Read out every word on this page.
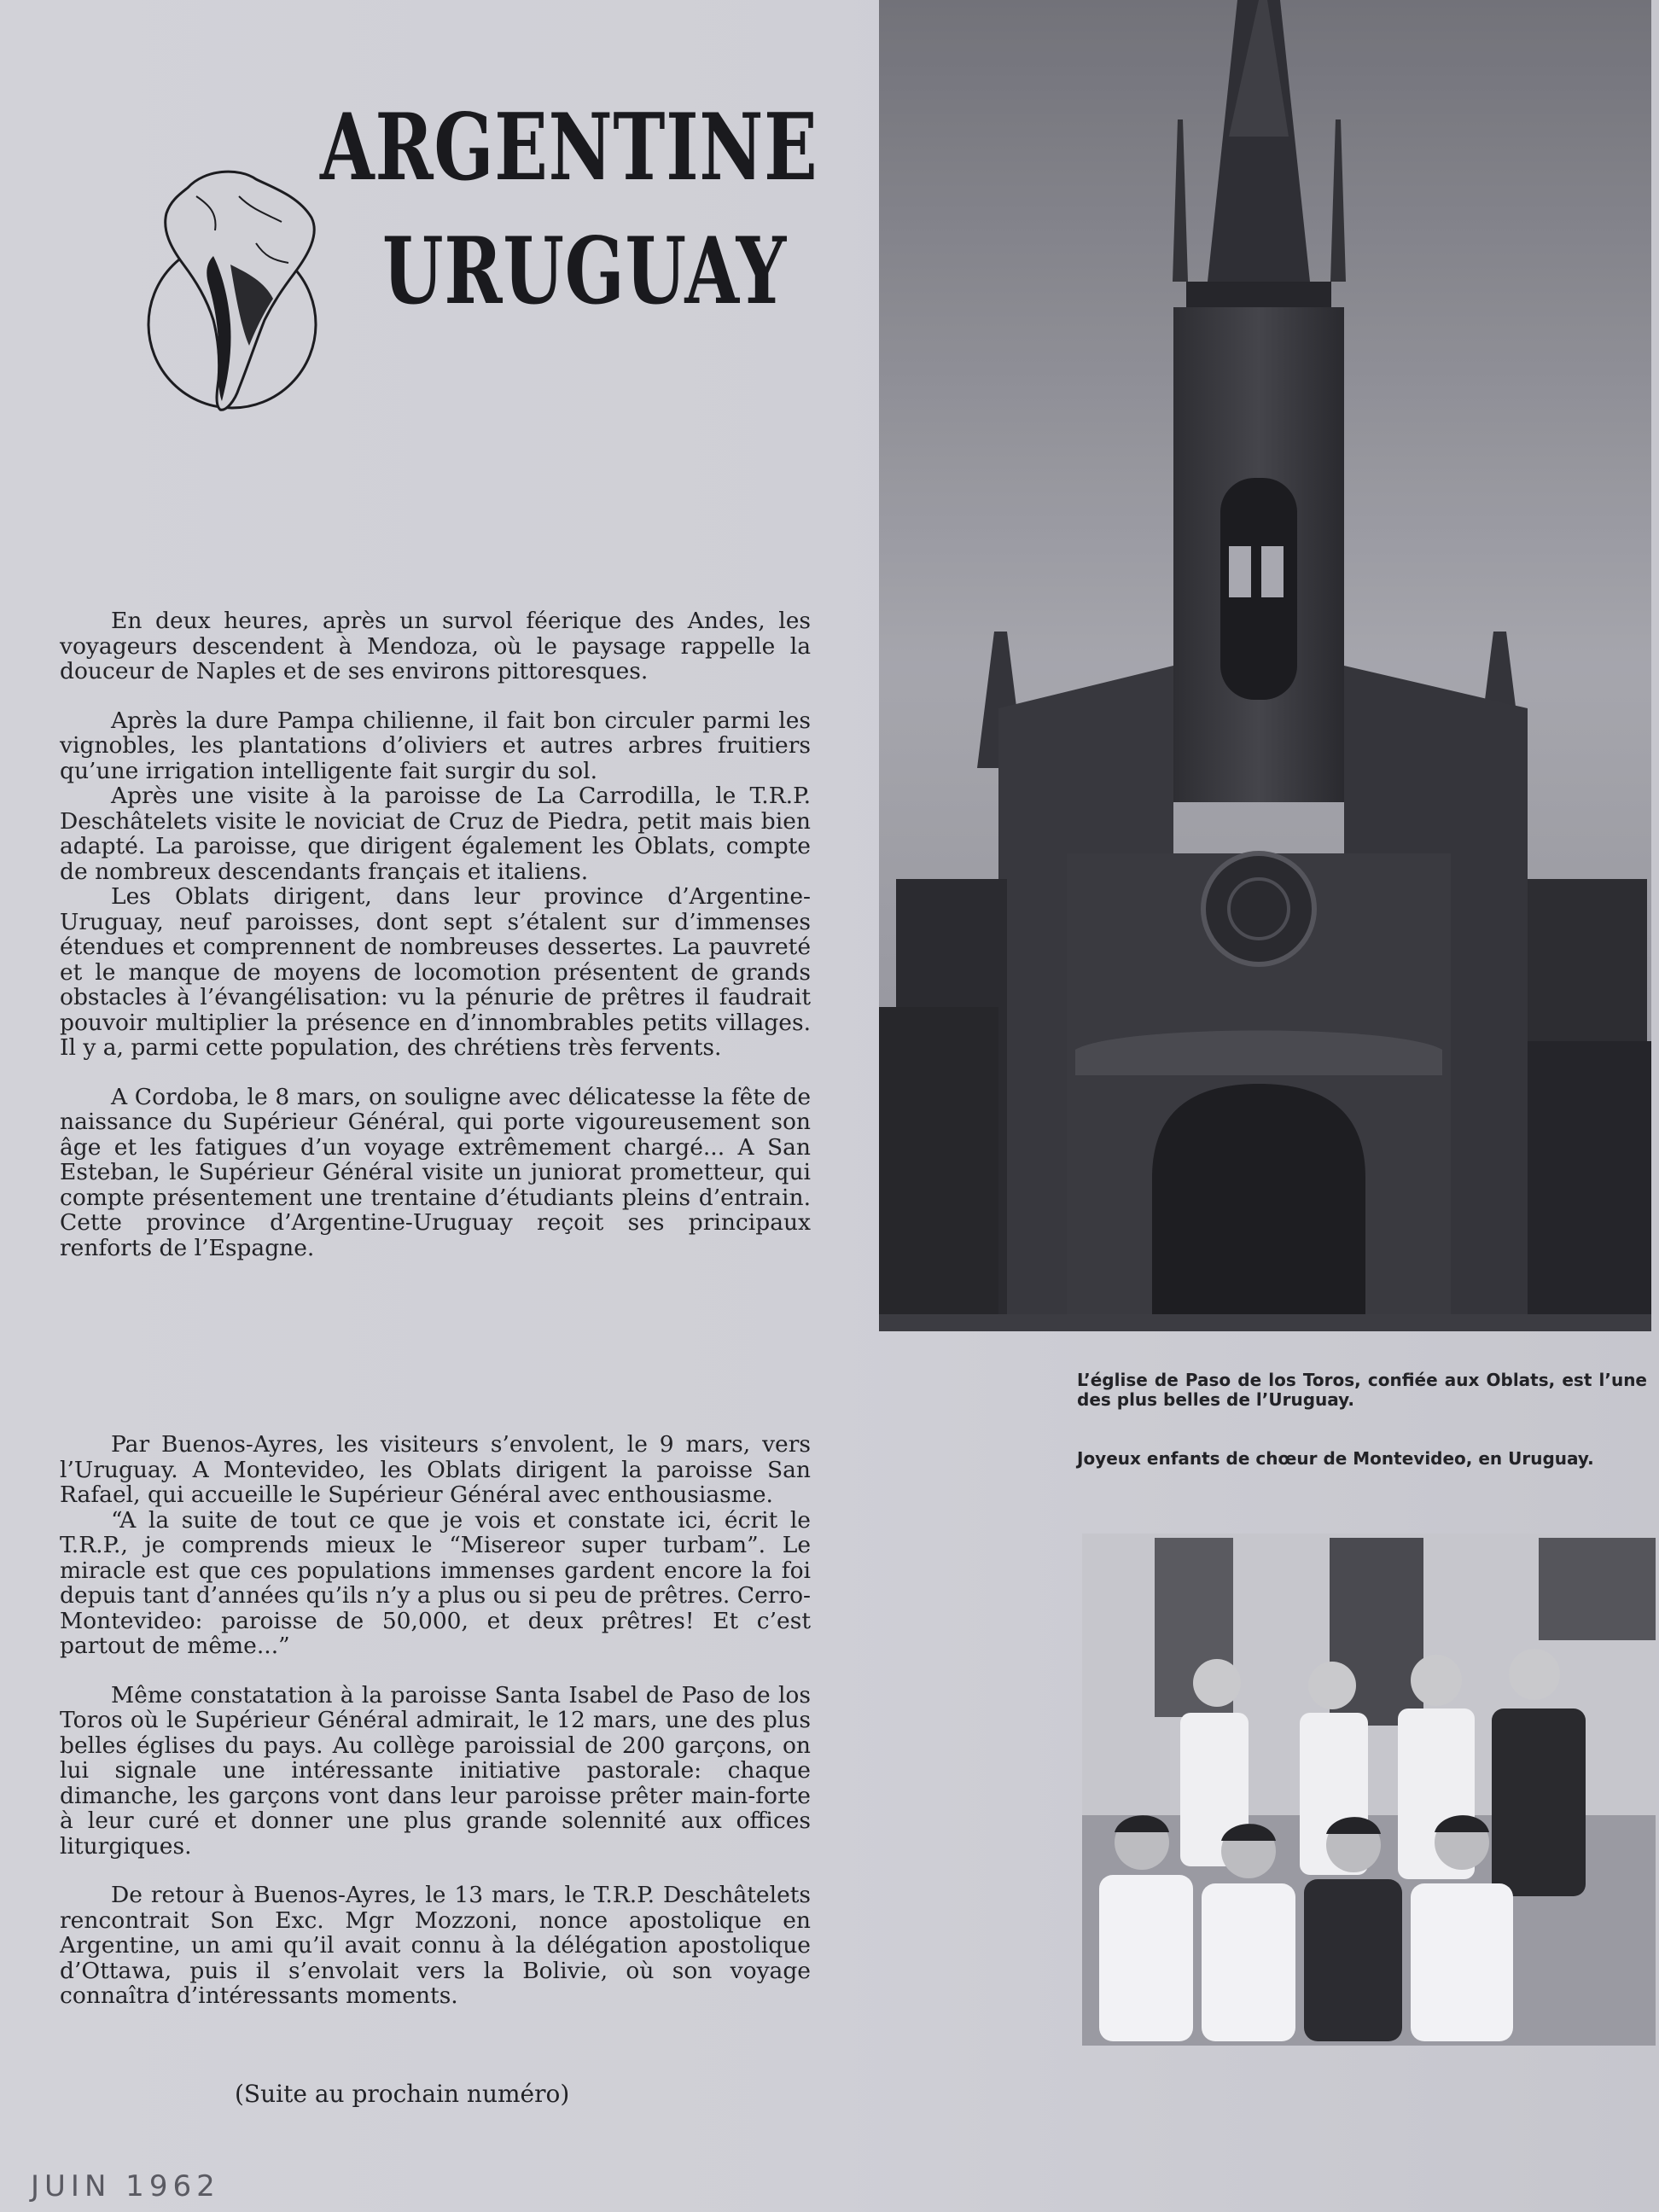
ARGENTINE
URUGUAY

En deux heures, après un survol féerique des Andes, les voyageurs descendent à Mendoza, où le paysage rappelle la douceur de Naples et de ses environs pittoresques.

Après la dure Pampa chilienne, il fait bon circuler parmi les vignobles, les plantations d’oliviers et autres arbres fruitiers qu’une irrigation intelligente fait surgir du sol.

Après une visite à la paroisse de La Carrodilla, le T.R.P. Deschâtelets visite le noviciat de Cruz de Piedra, petit mais bien adapté. La paroisse, que dirigent également les Oblats, compte de nombreux descendants français et italiens.

Les Oblats dirigent, dans leur province d’Argentine-Uruguay, neuf paroisses, dont sept s’étalent sur d’immenses étendues et comprennent de nombreuses dessertes. La pauvreté et le manque de moyens de locomotion présentent de grands obstacles à l’évangélisation: vu la pénurie de prêtres il faudrait pouvoir multiplier la présence en d’innombrables petits villages. Il y a, parmi cette population, des chrétiens très fervents.

A Cordoba, le 8 mars, on souligne avec délicatesse la fête de naissance du Supérieur Général, qui porte vigoureusement son âge et les fatigues d’un voyage extrêmement chargé... A San Esteban, le Supérieur Général visite un juniorat prometteur, qui compte présentement une trentaine d’étudiants pleins d’entrain. Cette province d’Argentine-Uruguay reçoit ses principaux renforts de l’Espagne.

Par Buenos-Ayres, les visiteurs s’envolent, le 9 mars, vers l’Uruguay. A Montevideo, les Oblats dirigent la paroisse San Rafael, qui accueille le Supérieur Général avec enthousiasme.

“A la suite de tout ce que je vois et constate ici, écrit le T.R.P., je comprends mieux le “Misereor super turbam”. Le miracle est que ces populations immenses gardent encore la foi depuis tant d’années qu’ils n’y a plus ou si peu de prêtres. Cerro-Montevideo: paroisse de 50,000, et deux prêtres! Et c’est partout de même...”

Même constatation à la paroisse Santa Isabel de Paso de los Toros où le Supérieur Général admirait, le 12 mars, une des plus belles églises du pays. Au collège paroissial de 200 garçons, on lui signale une intéressante initiative pastorale: chaque dimanche, les garçons vont dans leur paroisse prêter main-forte à leur curé et donner une plus grande solennité aux offices liturgiques.

De retour à Buenos-Ayres, le 13 mars, le T.R.P. Deschâtelets rencontrait Son Exc. Mgr Mozzoni, nonce apostolique en Argentine, un ami qu’il avait connu à la délégation apostolique d’Ottawa, puis il s’envolait vers la Bolivie, où son voyage connaîtra d’intéressants moments.

(Suite au prochain numéro)
JUIN 1962
L’église de Paso de los Toros, confiée aux Oblats, est l’une des plus belles de l’Uruguay.
Joyeux enfants de chœur de Montevideo, en Uruguay.
